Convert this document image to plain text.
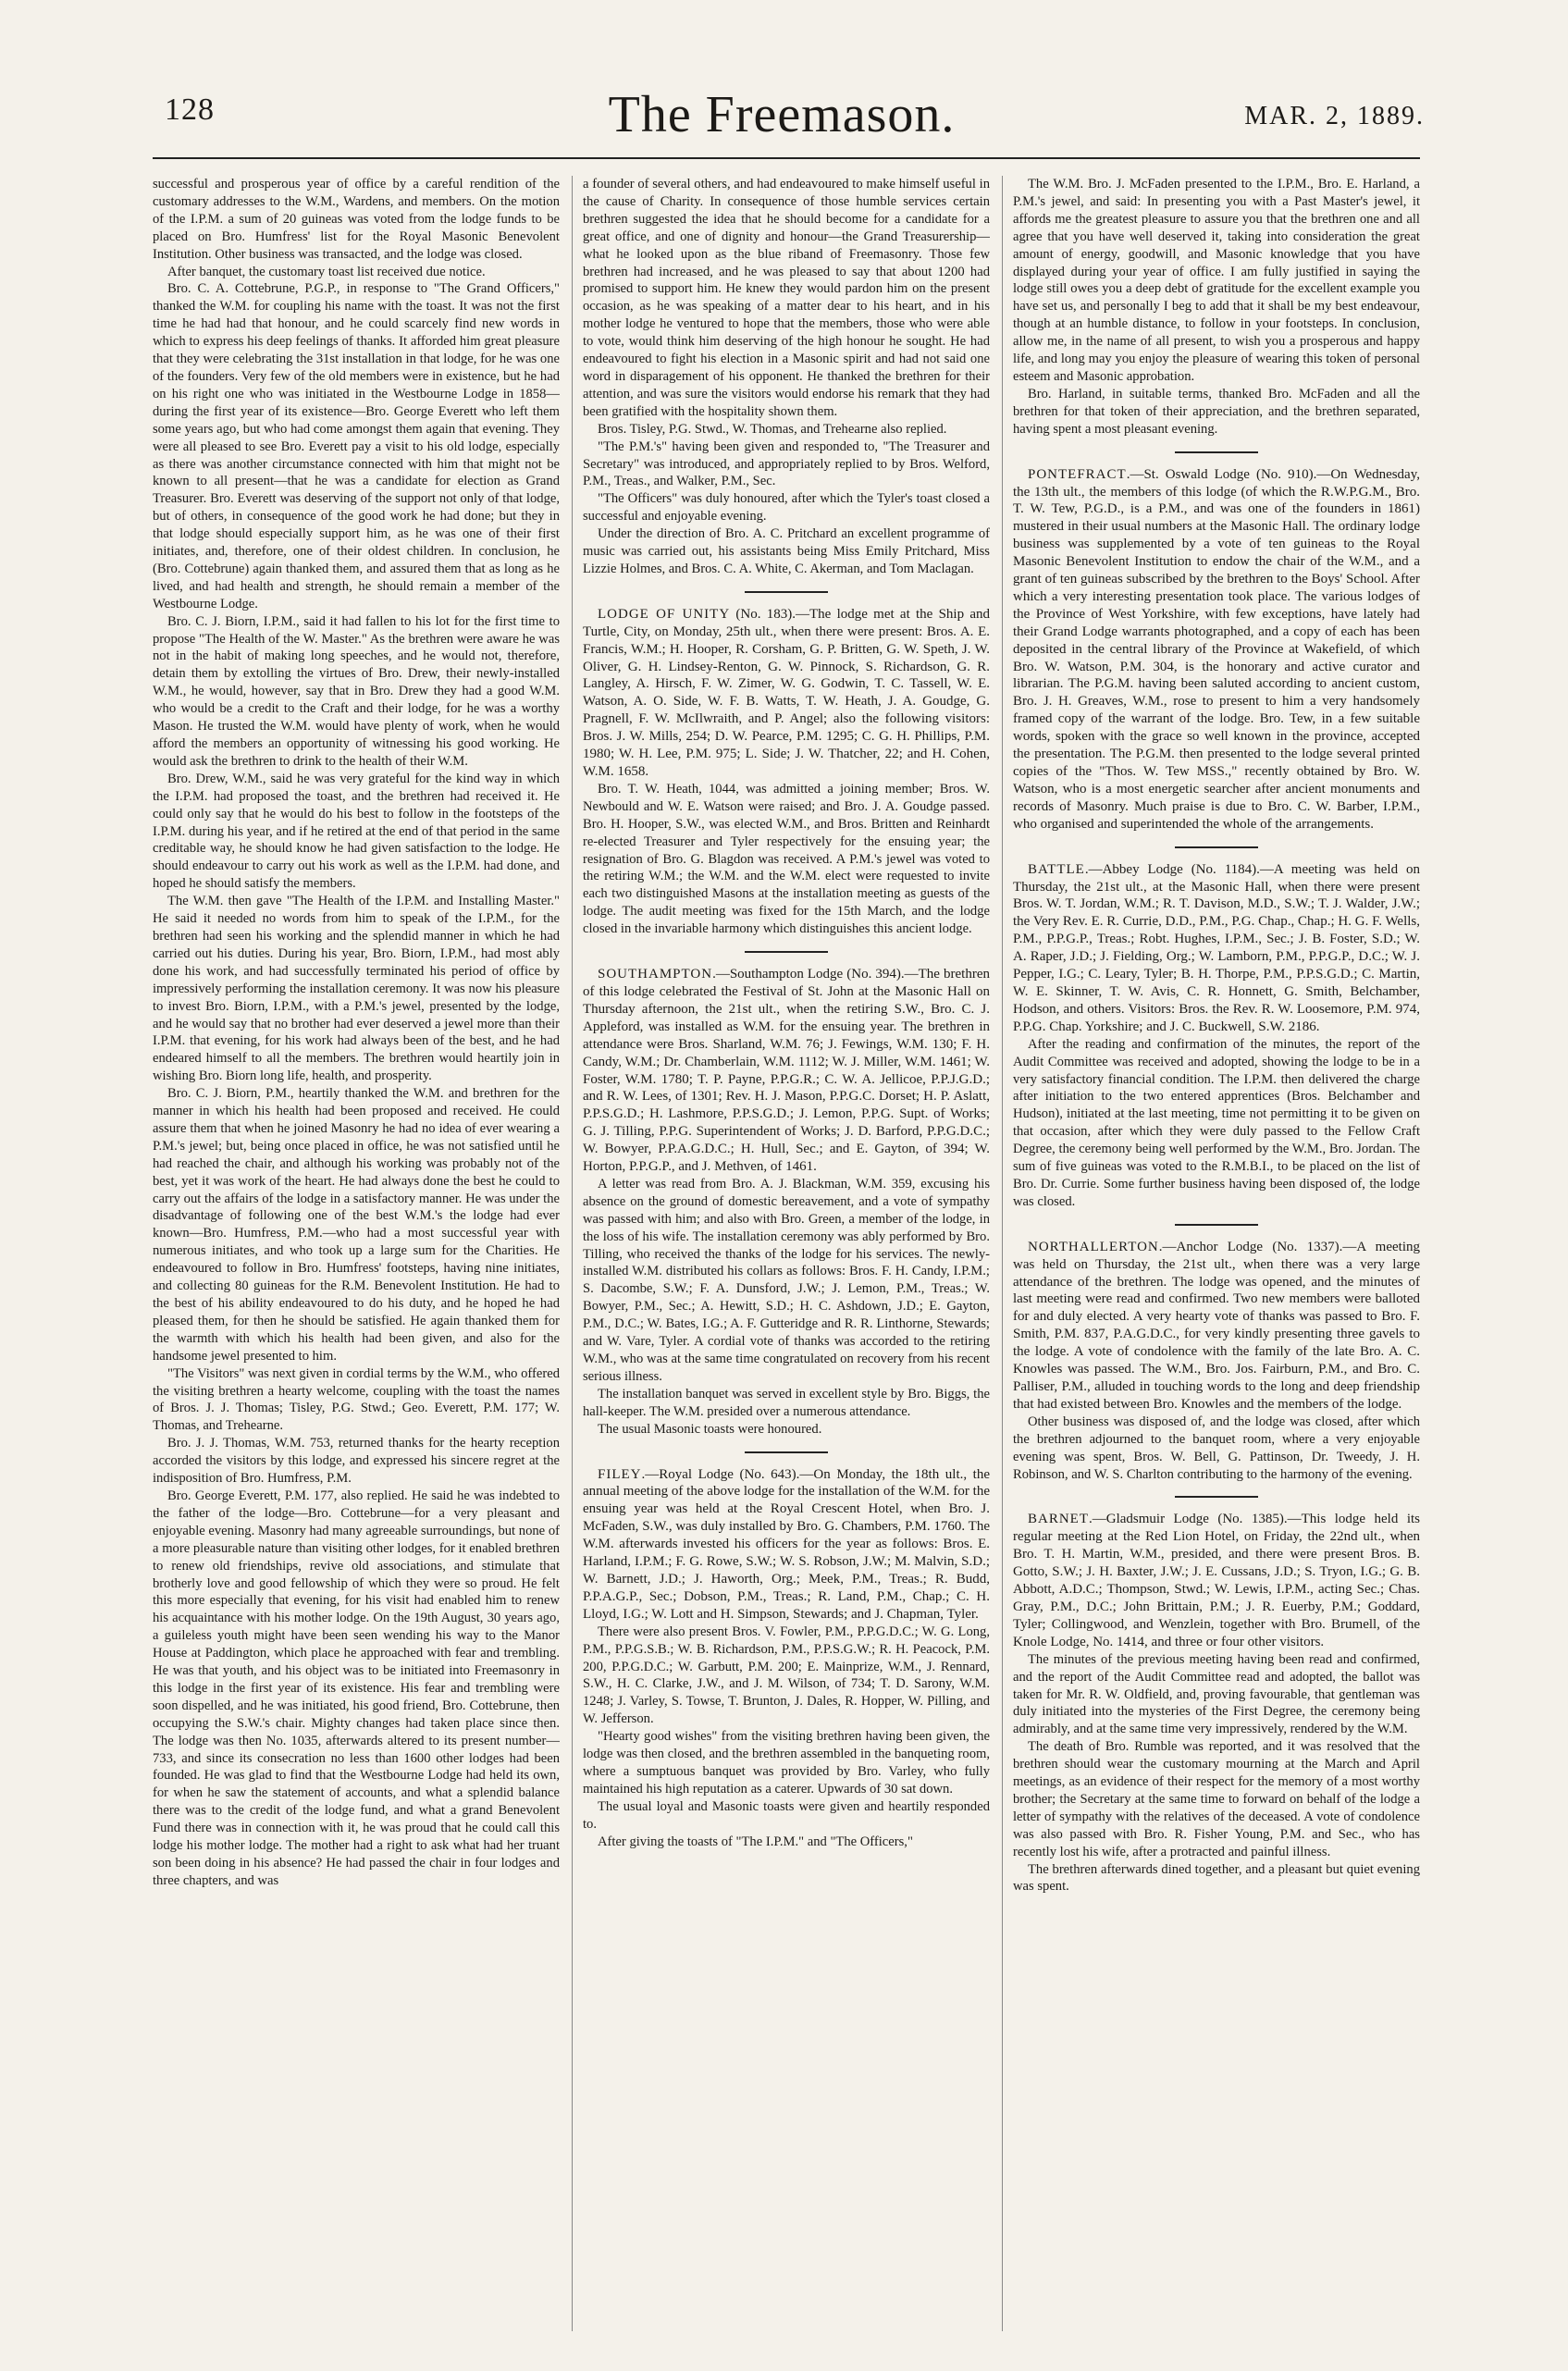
128	The Freemason.	MAR. 2, 1889.

successful and prosperous year of office by a careful rendition of the customary addresses to the W.M., Wardens, and members. On the motion of the I.P.M. a sum of 20 guineas was voted from the lodge funds to be placed on Bro. Humfress' list for the Royal Masonic Benevolent Institution. Other business was transacted, and the lodge was closed.

After banquet, the customary toast list received due notice.

Bro. C. A. Cottebrune, P.G.P., in response to "The Grand Officers," thanked the W.M. for coupling his name with the toast. It was not the first time he had had that honour, and he could scarcely find new words in which to express his deep feelings of thanks. It afforded him great pleasure that they were celebrating the 31st installation in that lodge, for he was one of the founders. Very few of the old members were in existence, but he had on his right one who was initiated in the Westbourne Lodge in 1858—during the first year of its existence—Bro. George Everett who left them some years ago, but who had come amongst them again that evening. They were all pleased to see Bro. Everett pay a visit to his old lodge, especially as there was another circumstance connected with him that might not be known to all present—that he was a candidate for election as Grand Treasurer. Bro. Everett was deserving of the support not only of that lodge, but of others, in consequence of the good work he had done; but they in that lodge should especially support him, as he was one of their first initiates, and, therefore, one of their oldest children. In conclusion, he (Bro. Cottebrune) again thanked them, and assured them that as long as he lived, and had health and strength, he should remain a member of the Westbourne Lodge.

Bro. C. J. Biorn, I.P.M., said it had fallen to his lot for the first time to propose "The Health of the W. Master." As the brethren were aware he was not in the habit of making long speeches, and he would not, therefore, detain them by extolling the virtues of Bro. Drew, their newly-installed W.M., he would, however, say that in Bro. Drew they had a good W.M. who would be a credit to the Craft and their lodge, for he was a worthy Mason. He trusted the W.M. would have plenty of work, when he would afford the members an opportunity of witnessing his good working. He would ask the brethren to drink to the health of their W.M.

Bro. Drew, W.M., said he was very grateful for the kind way in which the I.P.M. had proposed the toast, and the brethren had received it. He could only say that he would do his best to follow in the footsteps of the I.P.M. during his year, and if he retired at the end of that period in the same creditable way, he should know he had given satisfaction to the lodge. He should endeavour to carry out his work as well as the I.P.M. had done, and hoped he should satisfy the members.

The W.M. then gave "The Health of the I.P.M. and Installing Master." He said it needed no words from him to speak of the I.P.M., for the brethren had seen his working and the splendid manner in which he had carried out his duties. During his year, Bro. Biorn, I.P.M., had most ably done his work, and had successfully terminated his period of office by impressively performing the installation ceremony. It was now his pleasure to invest Bro. Biorn, I.P.M., with a P.M.'s jewel, presented by the lodge, and he would say that no brother had ever deserved a jewel more than their I.P.M. that evening, for his work had always been of the best, and he had endeared himself to all the members. The brethren would heartily join in wishing Bro. Biorn long life, health, and prosperity.

Bro. C. J. Biorn, P.M., heartily thanked the W.M. and brethren for the manner in which his health had been proposed and received. He could assure them that when he joined Masonry he had no idea of ever wearing a P.M.'s jewel; but, being once placed in office, he was not satisfied until he had reached the chair, and although his working was probably not of the best, yet it was work of the heart. He had always done the best he could to carry out the affairs of the lodge in a satisfactory manner. He was under the disadvantage of following one of the best W.M.'s the lodge had ever known—Bro. Humfress, P.M.—who had a most successful year with numerous initiates, and who took up a large sum for the Charities. He endeavoured to follow in Bro. Humfress' footsteps, having nine initiates, and collecting 80 guineas for the R.M. Benevolent Institution. He had to the best of his ability endeavoured to do his duty, and he hoped he had pleased them, for then he should be satisfied. He again thanked them for the warmth with which his health had been given, and also for the handsome jewel presented to him.

"The Visitors" was next given in cordial terms by the W.M., who offered the visiting brethren a hearty welcome, coupling with the toast the names of Bros. J. J. Thomas; Tisley, P.G. Stwd.; Geo. Everett, P.M. 177; W. Thomas, and Trehearne.

Bro. J. J. Thomas, W.M. 753, returned thanks for the hearty reception accorded the visitors by this lodge, and expressed his sincere regret at the indisposition of Bro. Humfress, P.M.

Bro. George Everett, P.M. 177, also replied. He said he was indebted to the father of the lodge—Bro. Cottebrune—for a very pleasant and enjoyable evening. Masonry had many agreeable surroundings, but none of a more pleasurable nature than visiting other lodges, for it enabled brethren to renew old friendships, revive old associations, and stimulate that brotherly love and good fellowship of which they were so proud. He felt this more especially that evening, for his visit had enabled him to renew his acquaintance with his mother lodge. On the 19th August, 30 years ago, a guileless youth might have been seen wending his way to the Manor House at Paddington, which place he approached with fear and trembling. He was that youth, and his object was to be initiated into Freemasonry in this lodge in the first year of its existence. His fear and trembling were soon dispelled, and he was initiated, his good friend, Bro. Cottebrune, then occupying the S.W.'s chair. Mighty changes had taken place since then. The lodge was then No. 1035, afterwards altered to its present number—733, and since its consecration no less than 1600 other lodges had been founded. He was glad to find that the Westbourne Lodge had held its own, for when he saw the statement of accounts, and what a splendid balance there was to the credit of the lodge fund, and what a grand Benevolent Fund there was in connection with it, he was proud that he could call this lodge his mother lodge. The mother had a right to ask what had her truant son been doing in his absence? He had passed the chair in four lodges and three chapters, and was

a founder of several others, and had endeavoured to make himself useful in the cause of Charity. In consequence of those humble services certain brethren suggested the idea that he should become for a candidate for a great office, and one of dignity and honour—the Grand Treasurership—what he looked upon as the blue riband of Freemasonry. Those few brethren had increased, and he was pleased to say that about 1200 had promised to support him. He knew they would pardon him on the present occasion, as he was speaking of a matter dear to his heart, and in his mother lodge he ventured to hope that the members, those who were able to vote, would think him deserving of the high honour he sought. He had endeavoured to fight his election in a Masonic spirit and had not said one word in disparagement of his opponent. He thanked the brethren for their attention, and was sure the visitors would endorse his remark that they had been gratified with the hospitality shown them.

Bros. Tisley, P.G. Stwd., W. Thomas, and Trehearne also replied.

"The P.M.'s" having been given and responded to, "The Treasurer and Secretary" was introduced, and appropriately replied to by Bros. Welford, P.M., Treas., and Walker, P.M., Sec.

"The Officers" was duly honoured, after which the Tyler's toast closed a successful and enjoyable evening.

Under the direction of Bro. A. C. Pritchard an excellent programme of music was carried out, his assistants being Miss Emily Pritchard, Miss Lizzie Holmes, and Bros. C. A. White, C. Akerman, and Tom Maclagan.

LODGE OF UNITY (No. 183).—The lodge met at the Ship and Turtle, City, on Monday, 25th ult., when there were present: Bros. A. E. Francis, W.M.; H. Hooper, R. Corsham, G. P. Britten, G. W. Speth, J. W. Oliver, G. H. Lindsey-Renton, G. W. Pinnock, S. Richardson, G. R. Langley, A. Hirsch, F. W. Zimer, W. G. Godwin, T. C. Tassell, W. E. Watson, A. O. Side, W. F. B. Watts, T. W. Heath, J. A. Goudge, G. Pragnell, F. W. McIlwraith, and P. Angel; also the following visitors: Bros. J. W. Mills, 254; D. W. Pearce, P.M. 1295; C. G. H. Phillips, P.M. 1980; W. H. Lee, P.M. 975; L. Side; J. W. Thatcher, 22; and H. Cohen, W.M. 1658.

Bro. T. W. Heath, 1044, was admitted a joining member; Bros. W. Newbould and W. E. Watson were raised; and Bro. J. A. Goudge passed. Bro. H. Hooper, S.W., was elected W.M., and Bros. Britten and Reinhardt re-elected Treasurer and Tyler respectively for the ensuing year; the resignation of Bro. G. Blagdon was received. A P.M.'s jewel was voted to the retiring W.M.; the W.M. and the W.M. elect were requested to invite each two distinguished Masons at the installation meeting as guests of the lodge. The audit meeting was fixed for the 15th March, and the lodge closed in the invariable harmony which distinguishes this ancient lodge.

SOUTHAMPTON.—Southampton Lodge (No. 394).—The brethren of this lodge celebrated the Festival of St. John at the Masonic Hall on Thursday afternoon, the 21st ult., when the retiring S.W., Bro. C. J. Appleford, was installed as W.M. for the ensuing year. The brethren in attendance were Bros. Sharland, W.M. 76; J. Fewings, W.M. 130; F. H. Candy, W.M.; Dr. Chamberlain, W.M. 1112; W. J. Miller, W.M. 1461; W. Foster, W.M. 1780; T. P. Payne, P.P.G.R.; C. W. A. Jellicoe, P.P.J.G.D.; and R. W. Lees, of 1301; Rev. H. J. Mason, P.P.G.C. Dorset; H. P. Aslatt, P.P.S.G.D.; H. Lashmore, P.P.S.G.D.; J. Lemon, P.P.G. Supt. of Works; G. J. Tilling, P.P.G. Superintendent of Works; J. D. Barford, P.P.G.D.C.; W. Bowyer, P.P.A.G.D.C.; H. Hull, Sec.; and E. Gayton, of 394; W. Horton, P.P.G.P., and J. Methven, of 1461.

A letter was read from Bro. A. J. Blackman, W.M. 359, excusing his absence on the ground of domestic bereavement, and a vote of sympathy was passed with him; and also with Bro. Green, a member of the lodge, in the loss of his wife. The installation ceremony was ably performed by Bro. Tilling, who received the thanks of the lodge for his services. The newly-installed W.M. distributed his collars as follows: Bros. F. H. Candy, I.P.M.; S. Dacombe, S.W.; F. A. Dunsford, J.W.; J. Lemon, P.M., Treas.; W. Bowyer, P.M., Sec.; A. Hewitt, S.D.; H. C. Ashdown, J.D.; E. Gayton, P.M., D.C.; W. Bates, I.G.; A. F. Gutteridge and R. R. Linthorne, Stewards; and W. Vare, Tyler. A cordial vote of thanks was accorded to the retiring W.M., who was at the same time congratulated on recovery from his recent serious illness.

The installation banquet was served in excellent style by Bro. Biggs, the hall-keeper. The W.M. presided over a numerous attendance.

The usual Masonic toasts were honoured.

FILEY.—Royal Lodge (No. 643).—On Monday, the 18th ult., the annual meeting of the above lodge for the installation of the W.M. for the ensuing year was held at the Royal Crescent Hotel, when Bro. J. McFaden, S.W., was duly installed by Bro. G. Chambers, P.M. 1760. The W.M. afterwards invested his officers for the year as follows: Bros. E. Harland, I.P.M.; F. G. Rowe, S.W.; W. S. Robson, J.W.; M. Malvin, S.D.; W. Barnett, J.D.; J. Haworth, Org.; Meek, P.M., Treas.; R. Budd, P.P.A.G.P., Sec.; Dobson, P.M., Treas.; R. Land, P.M., Chap.; C. H. Lloyd, I.G.; W. Lott and H. Simpson, Stewards; and J. Chapman, Tyler.

There were also present Bros. V. Fowler, P.M., P.P.G.D.C.; W. G. Long, P.M., P.P.G.S.B.; W. B. Richardson, P.M., P.P.S.G.W.; R. H. Peacock, P.M. 200, P.P.G.D.C.; W. Garbutt, P.M. 200; E. Mainprize, W.M., J. Rennard, S.W., H. C. Clarke, J.W., and J. M. Wilson, of 734; T. D. Sarony, W.M. 1248; J. Varley, S. Towse, T. Brunton, J. Dales, R. Hopper, W. Pilling, and W. Jefferson.

"Hearty good wishes" from the visiting brethren having been given, the lodge was then closed, and the brethren assembled in the banqueting room, where a sumptuous banquet was provided by Bro. Varley, who fully maintained his high reputation as a caterer. Upwards of 30 sat down.

The usual loyal and Masonic toasts were given and heartily responded to.

After giving the toasts of "The I.P.M." and "The Officers,"

The W.M. Bro. J. McFaden presented to the I.P.M., Bro. E. Harland, a P.M.'s jewel, and said: In presenting you with a Past Master's jewel, it affords me the greatest pleasure to assure you that the brethren one and all agree that you have well deserved it, taking into consideration the great amount of energy, goodwill, and Masonic knowledge that you have displayed during your year of office. I am fully justified in saying the lodge still owes you a deep debt of gratitude for the excellent example you have set us, and personally I beg to add that it shall be my best endeavour, though at an humble distance, to follow in your footsteps. In conclusion, allow me, in the name of all present, to wish you a prosperous and happy life, and long may you enjoy the pleasure of wearing this token of personal esteem and Masonic approbation.

Bro. Harland, in suitable terms, thanked Bro. McFaden and all the brethren for that token of their appreciation, and the brethren separated, having spent a most pleasant evening.

PONTEFRACT.—St. Oswald Lodge (No. 910).—On Wednesday, the 13th ult., the members of this lodge (of which the R.W.P.G.M., Bro. T. W. Tew, P.G.D., is a P.M., and was one of the founders in 1861) mustered in their usual numbers at the Masonic Hall. The ordinary lodge business was supplemented by a vote of ten guineas to the Royal Masonic Benevolent Institution to endow the chair of the W.M., and a grant of ten guineas subscribed by the brethren to the Boys' School. After which a very interesting presentation took place. The various lodges of the Province of West Yorkshire, with few exceptions, have lately had their Grand Lodge warrants photographed, and a copy of each has been deposited in the central library of the Province at Wakefield, of which Bro. W. Watson, P.M. 304, is the honorary and active curator and librarian. The P.G.M. having been saluted according to ancient custom, Bro. J. H. Greaves, W.M., rose to present to him a very handsomely framed copy of the warrant of the lodge. Bro. Tew, in a few suitable words, spoken with the grace so well known in the province, accepted the presentation. The P.G.M. then presented to the lodge several printed copies of the "Thos. W. Tew MSS.," recently obtained by Bro. W. Watson, who is a most energetic searcher after ancient monuments and records of Masonry. Much praise is due to Bro. C. W. Barber, I.P.M., who organised and superintended the whole of the arrangements.
BATTLE.—Abbey Lodge (No. 1184).—A meeting was held on Thursday, the 21st ult., at the Masonic Hall, when there were present Bros. W. T. Jordan, W.M.; R. T. Davison, M.D., S.W.; T. J. Walder, J.W.; the Very Rev. E. R. Currie, D.D., P.M., P.G. Chap., Chap.; H. G. F. Wells, P.M., P.P.G.P., Treas.; Robt. Hughes, I.P.M., Sec.; J. B. Foster, S.D.; W. A. Raper, J.D.; J. Fielding, Org.; W. Lamborn, P.M., P.P.G.P., D.C.; W. J. Pepper, I.G.; C. Leary, Tyler; B. H. Thorpe, P.M., P.P.S.G.D.; C. Martin, W. E. Skinner, T. W. Avis, C. R. Honnett, G. Smith, Belchamber, Hodson, and others. Visitors: Bros. the Rev. R. W. Loosemore, P.M. 974, P.P.G. Chap. Yorkshire; and J. C. Buckwell, S.W. 2186.

After the reading and confirmation of the minutes, the report of the Audit Committee was received and adopted, showing the lodge to be in a very satisfactory financial condition. The I.P.M. then delivered the charge after initiation to the two entered apprentices (Bros. Belchamber and Hudson), initiated at the last meeting, time not permitting it to be given on that occasion, after which they were duly passed to the Fellow Craft Degree, the ceremony being well performed by the W.M., Bro. Jordan. The sum of five guineas was voted to the R.M.B.I., to be placed on the list of Bro. Dr. Currie. Some further business having been disposed of, the lodge was closed.

NORTHALLERTON.—Anchor Lodge (No. 1337).—A meeting was held on Thursday, the 21st ult., when there was a very large attendance of the brethren. The lodge was opened, and the minutes of last meeting were read and confirmed. Two new members were balloted for and duly elected. A very hearty vote of thanks was passed to Bro. F. Smith, P.M. 837, P.A.G.D.C., for very kindly presenting three gavels to the lodge. A vote of condolence with the family of the late Bro. A. C. Knowles was passed. The W.M., Bro. Jos. Fairburn, P.M., and Bro. C. Palliser, P.M., alluded in touching words to the long and deep friendship that had existed between Bro. Knowles and the members of the lodge.

Other business was disposed of, and the lodge was closed, after which the brethren adjourned to the banquet room, where a very enjoyable evening was spent, Bros. W. Bell, G. Pattinson, Dr. Tweedy, J. H. Robinson, and W. S. Charlton contributing to the harmony of the evening.

BARNET.—Gladsmuir Lodge (No. 1385).—This lodge held its regular meeting at the Red Lion Hotel, on Friday, the 22nd ult., when Bro. T. H. Martin, W.M., presided, and there were present Bros. B. Gotto, S.W.; J. H. Baxter, J.W.; J. E. Cussans, J.D.; S. Tryon, I.G.; G. B. Abbott, A.D.C.; Thompson, Stwd.; W. Lewis, I.P.M., acting Sec.; Chas. Gray, P.M., D.C.; John Brittain, P.M.; J. R. Euerby, P.M.; Goddard, Tyler; Collingwood, and Wenzlein, together with Bro. Brumell, of the Knole Lodge, No. 1414, and three or four other visitors.

The minutes of the previous meeting having been read and confirmed, and the report of the Audit Committee read and adopted, the ballot was taken for Mr. R. W. Oldfield, and, proving favourable, that gentleman was duly initiated into the mysteries of the First Degree, the ceremony being admirably, and at the same time very impressively, rendered by the W.M.

The death of Bro. Rumble was reported, and it was resolved that the brethren should wear the customary mourning at the March and April meetings, as an evidence of their respect for the memory of a most worthy brother; the Secretary at the same time to forward on behalf of the lodge a letter of sympathy with the relatives of the deceased. A vote of condolence was also passed with Bro. R. Fisher Young, P.M. and Sec., who has recently lost his wife, after a protracted and painful illness.

The brethren afterwards dined together, and a pleasant but quiet evening was spent.
